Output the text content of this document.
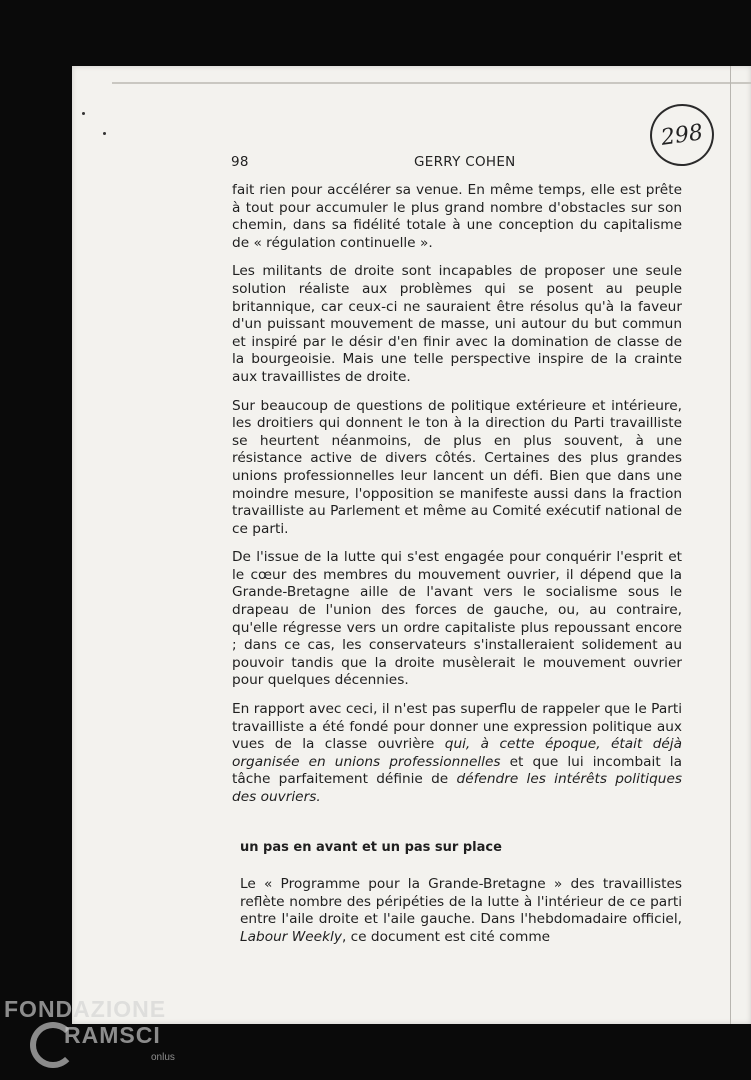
298
98	GERRY COHEN

fait rien pour accélérer sa venue. En même temps, elle est prête à tout pour accumuler le plus grand nombre d'obstacles sur son chemin, dans sa fidélité totale à une conception du capitalisme de « régulation continuelle ».

Les militants de droite sont incapables de proposer une seule solution réaliste aux problèmes qui se posent au peuple britannique, car ceux-ci ne sauraient être résolus qu'à la faveur d'un puissant mouvement de masse, uni autour du but commun et inspiré par le désir d'en finir avec la domination de classe de la bourgeoisie. Mais une telle perspective inspire de la crainte aux travaillistes de droite.

Sur beaucoup de questions de politique extérieure et intérieure, les droitiers qui donnent le ton à la direction du Parti travailliste se heurtent néanmoins, de plus en plus souvent, à une résistance active de divers côtés. Certaines des plus grandes unions professionnelles leur lancent un défi. Bien que dans une moindre mesure, l'opposition se manifeste aussi dans la fraction travailliste au Parlement et même au Comité exécutif national de ce parti.

De l'issue de la lutte qui s'est engagée pour conquérir l'esprit et le cœur des membres du mouvement ouvrier, il dépend que la Grande-Bretagne aille de l'avant vers le socialisme sous le drapeau de l'union des forces de gauche, ou, au contraire, qu'elle régresse vers un ordre capitaliste plus repoussant encore ; dans ce cas, les conservateurs s'installeraient solidement au pouvoir tandis que la droite musèlerait le mouvement ouvrier pour quelques décennies.

En rapport avec ceci, il n'est pas superflu de rappeler que le Parti travailliste a été fondé pour donner une expression politique aux vues de la classe ouvrière qui, à cette époque, était déjà organisée en unions professionnelles et que lui incombait la tâche parfaitement définie de défendre les intérêts politiques des ouvriers.

un pas en avant et un pas sur place

Le « Programme pour la Grande-Bretagne » des travaillistes reflète nombre des péripéties de la lutte à l'intérieur de ce parti entre l'aile droite et l'aile gauche. Dans l'hebdomadaire officiel, Labour Weekly, ce document est cité comme

FONDAZIONE
RAMSCI
onlus
